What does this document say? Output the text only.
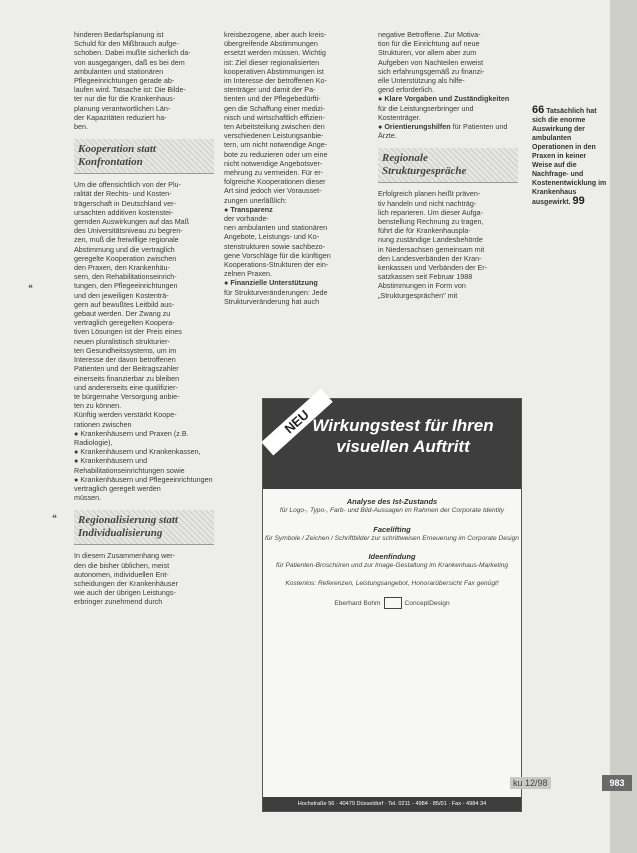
hinderen Bedarfsplanung ist
Schuld für den Mißbrauch aufge-
schoben. Dabei mußte sicherlich da-
von ausgegangen, daß es bei dem
ambulanten und stationären
Pflegeeinrichtungen gerade ab-
laufen wird. Tatsache ist: Die Bilde-
ter nur die für die Krankenhaus-
planung verantwortlichen Län-
der Kapazitäten reduziert ha-
ben.

Kooperation statt Konfrontation

Um die offensichtlich von der Plu-
ralität der Rechts- und Kosten-
trägerschaft in Deutschland ver-
ursachten additiven kostenstei-
gernden Auswirkungen auf das Maß
des Universitätsniveau zu begren-
zen, muß die freiwillige regionale
Abstimmung und die vertraglich
geregelte Kooperation zwischen
den Praxen, den Krankenhäu-
sern, den Rehabilitationseinrich-
tungen, den Pflegeeinrichtungen
und den jeweiligen Kostenträ-
gern auf bewußtes Leitbild aus-
gebaut werden. Der Zwang zu
vertraglich geregelten Koopera-
tiven Lösungen ist der Preis eines
neuen pluralistisch strukturier-
ten Gesundheitssystems, um im
Interesse der davon betroffenen
Patienten und der Beitragszahler
einerseits finanzierbar zu bleiben
und andererseits eine qualifizier-
te bürgernahe Versorgung anbie-
ten zu können.
Künftig werden verstärkt Koope-
rationen zwischen

● Krankenhäusern und Praxen (z.B. Radiologie),

● Krankenhäusern und Krankenkassen,

● Krankenhäusern und Rehabilitationseinrichtungen sowie

● Krankenhäusern und Pflegeeinrichtungen

vertraglich geregelt werden
müssen.

Regionalisierung statt Individualisierung

In diesem Zusammenhang wer-
den die bisher üblichen, meist
autonomen, individuellen Ent-
scheidungen der Krankenhäuser
wie auch der übrigen Leistungs-
erbringer zunehmend durch

kreisbezogene, aber auch kreis-
übergreifende Abstimmungen
ersetzt werden müssen. Wichtig
ist: Ziel dieser regionalisierten
kooperativen Abstimmungen ist
im Interesse der betroffenen Ko-
stenträger und damit der Pa-
tienten und der Pflegebedürfti-
gen die Schaffung einer medizi-
nisch und wirtschaftlich effizien-
ten Arbeitsteilung zwischen den
verschiedenen Leistungsanbie-
tern, um nicht notwendige Ange-
bote zu reduzieren oder um eine
nicht notwendige Angebotsver-
mehrung zu vermeiden. Für er-
folgreiche Kooperationen dieser
Art sind jedoch vier Vorausset-
zungen unerläßlich:

● Transparenz

der vorhande-
nen ambulanten und stationären
Angebote, Leistungs- und Ko-
stenstrukturen sowie sachbezo-
gene Vorschläge für die künftigen
Kooperations-Strukturen der ein-
zelnen Praxen.

● Finanzielle Unterstützung

für Strukturveränderungen: Jede
Strukturveränderung hat auch

negative Betroffene. Zur Motiva-
tion für die Einrichtung auf neue
Strukturen, vor allem aber zum
Aufgeben von Nachteilen erweist
sich erfahrungsgemäß zu finanzi-
elle Unterstützung als hilfe-
gend erforderlich.

● Klare Vorgaben und Zuständigkeiten für die Leistungserbringer und Kostenträger.

● Orientierungshilfen für Patienten und Ärzte.

Regionale Strukturgespräche

Erfolgreich planen heißt präven-
tiv handeln und nicht nachträg-
lich reparieren. Um dieser Aufga-
benstellung Rechnung zu tragen,
führt die für Krankenhauspla-
nung zuständige Landesbehörde
in Niedersachsen gemeinsam mit
den Landesverbänden der Kran-
kenkassen und Verbänden der Er-
satzkassen seit Februar 1988
Abstimmungen in Form von
„Strukturgesprächen" mit

66 Tatsächlich hat sich die enorme Auswirkung der ambulanten Operationen in den Praxen in keiner Weise auf die Nachfrage- und Kostenentwicklung im Krankenhaus ausgewirkt. 99
NEU Wirkungstest für Ihren visuellen Auftritt
Analyse des Ist-Zustands
für Logo-, Typo-, Farb- und Bild-Aussagen im Rahmen der Corporate Identity
Facelifting
für Symbole / Zeichen / Schriftbilder zur schrittweisen Erneuerung im Corporate Design
Ideenfindung
für Patienten-Broschüren und zur Image-Gestaltung im Krankenhaus-Marketing
Kostenlos: Referenzen, Leistungsangebot, Honorarübersicht Fax genügt!
Eberhard Bohm	ConceptDesign
Hochstraße 56 · 40479 Düsseldorf · Tel. 0211 - 4984 · 85/01 · Fax - 4984 34
❝
❝
ku 12/98	983
